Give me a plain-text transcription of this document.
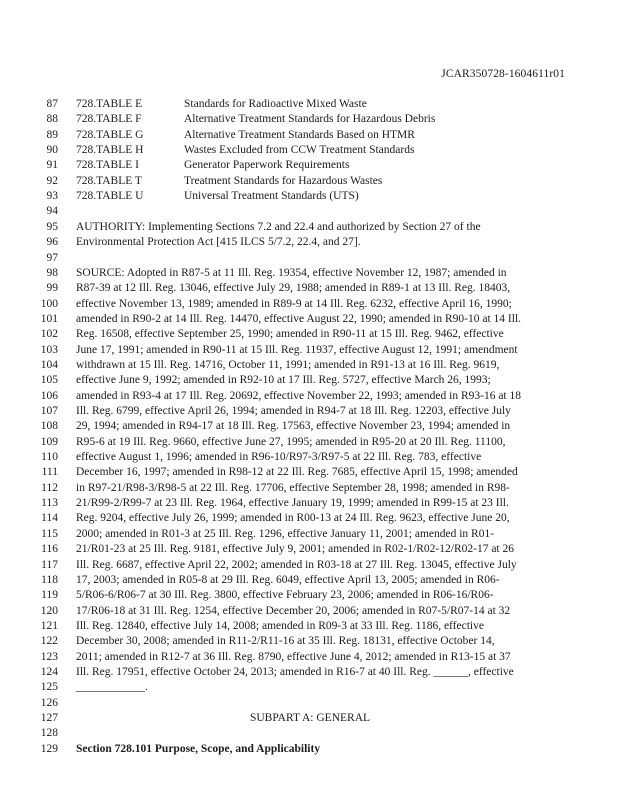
JCAR350728-1604611r01
87 728.TABLE E	Standards for Radioactive Mixed Waste
88 728.TABLE F	Alternative Treatment Standards for Hazardous Debris
89 728.TABLE G	Alternative Treatment Standards Based on HTMR
90 728.TABLE H	Wastes Excluded from CCW Treatment Standards
91 728.TABLE I	Generator Paperwork Requirements
92 728.TABLE T	Treatment Standards for Hazardous Wastes
93 728.TABLE U	Universal Treatment Standards (UTS)
94
95 AUTHORITY: Implementing Sections 7.2 and 22.4 and authorized by Section 27 of the
96 Environmental Protection Act [415 ILCS 5/7.2, 22.4, and 27].
97
98 SOURCE: Adopted in R87-5 at 11 Ill. Reg. 19354, effective November 12, 1987; amended in
99 R87-39 at 12 Ill. Reg. 13046, effective July 29, 1988; amended in R89-1 at 13 Ill. Reg. 18403,
100 effective November 13, 1989; amended in R89-9 at 14 Ill. Reg. 6232, effective April 16, 1990;
101 amended in R90-2 at 14 Ill. Reg. 14470, effective August 22, 1990; amended in R90-10 at 14 Ill.
102 Reg. 16508, effective September 25, 1990; amended in R90-11 at 15 Ill. Reg. 9462, effective
103 June 17, 1991; amended in R90-11 at 15 Ill. Reg. 11937, effective August 12, 1991; amendment
104 withdrawn at 15 Ill. Reg. 14716, October 11, 1991; amended in R91-13 at 16 Ill. Reg. 9619,
105 effective June 9, 1992; amended in R92-10 at 17 Ill. Reg. 5727, effective March 26, 1993;
106 amended in R93-4 at 17 Ill. Reg. 20692, effective November 22, 1993; amended in R93-16 at 18
107 Ill. Reg. 6799, effective April 26, 1994; amended in R94-7 at 18 Ill. Reg. 12203, effective July
108 29, 1994; amended in R94-17 at 18 Ill. Reg. 17563, effective November 23, 1994; amended in
109 R95-6 at 19 Ill. Reg. 9660, effective June 27, 1995; amended in R95-20 at 20 Ill. Reg. 11100,
110 effective August 1, 1996; amended in R96-10/R97-3/R97-5 at 22 Ill. Reg. 783, effective
111 December 16, 1997; amended in R98-12 at 22 Ill. Reg. 7685, effective April 15, 1998; amended
112 in R97-21/R98-3/R98-5 at 22 Ill. Reg. 17706, effective September 28, 1998; amended in R98-
113 21/R99-2/R99-7 at 23 Ill. Reg. 1964, effective January 19, 1999; amended in R99-15 at 23 Ill.
114 Reg. 9204, effective July 26, 1999; amended in R00-13 at 24 Ill. Reg. 9623, effective June 20,
115 2000; amended in R01-3 at 25 Ill. Reg. 1296, effective January 11, 2001; amended in R01-
116 21/R01-23 at 25 Ill. Reg. 9181, effective July 9, 2001; amended in R02-1/R02-12/R02-17 at 26
117 Ill. Reg. 6687, effective April 22, 2002; amended in R03-18 at 27 Ill. Reg. 13045, effective July
118 17, 2003; amended in R05-8 at 29 Ill. Reg. 6049, effective April 13, 2005; amended in R06-
119 5/R06-6/R06-7 at 30 Ill. Reg. 3800, effective February 23, 2006; amended in R06-16/R06-
120 17/R06-18 at 31 Ill. Reg. 1254, effective December 20, 2006; amended in R07-5/R07-14 at 32
121 Ill. Reg. 12840, effective July 14, 2008; amended in R09-3 at 33 Ill. Reg. 1186, effective
122 December 30, 2008; amended in R11-2/R11-16 at 35 Ill. Reg. 18131, effective October 14,
123 2011; amended in R12-7 at 36 Ill. Reg. 8790, effective June 4, 2012; amended in R13-15 at 37
124 Ill. Reg. 17951, effective October 24, 2013; amended in R16-7 at 40 Ill. Reg. ______, effective
125 ____________.
126
127	SUBPART A: GENERAL
128
129 Section 728.101 Purpose, Scope, and Applicability
